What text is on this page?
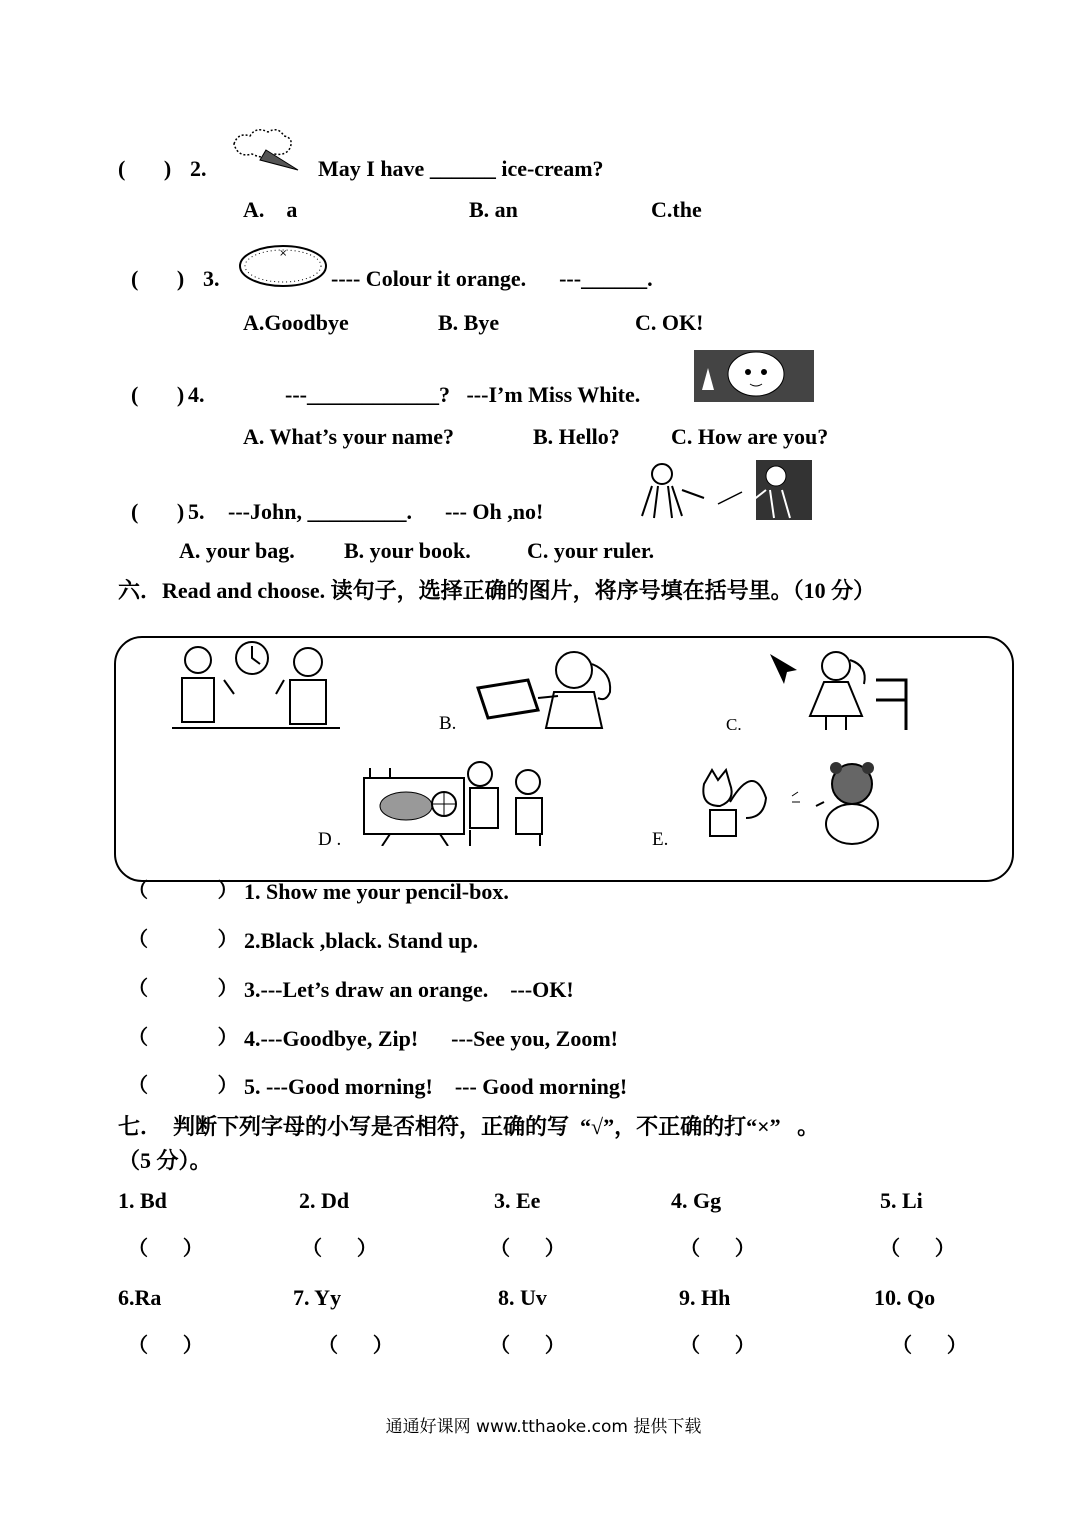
(       ) 2.	May I have ______ ice-cream?
A.    a	B. an	C.the
(       ) 3.
×
---- Colour it orange.      ---______.
A.Goodbye	B. Bye	C. OK!
(       ) 4.	---____________?   ---I’m Miss White.
A. What’s your name?	B. Hello? C. How are you?
(       ) 5. ---John, _________.      --- Oh ,no!
A. your bag. B. your book.	C. your ruler.
六．Read and choose. 读句子，选择正确的图片，将序号填在括号里。（10 分）
B.	C.
D .	E.
（          ） 1. Show me your pencil-box.
（          ） 2.Black ,black. Stand up.
（          ） 3.---Let’s draw an orange.    ---OK!
（          ） 4.---Goodbye, Zip!      ---See you, Zoom!
（          ） 5. ---Good morning!    --- Good morning!
七．  判断下列字母的小写是否相符，正确的写  “√”，不正确的打“×”   。
（5 分）。
1. Bd	2. Dd	3. Ee	4. Gg	5. Li
（     ）	（     ）	（     ）	（     ）	（     ）
6.Ra	7. Yy	8. Uv	9. Hh	10. Qo
（     ）	（     ）	（     ）	（     ）	（     ）
通通好课网 www.tthaoke.com 提供下载
